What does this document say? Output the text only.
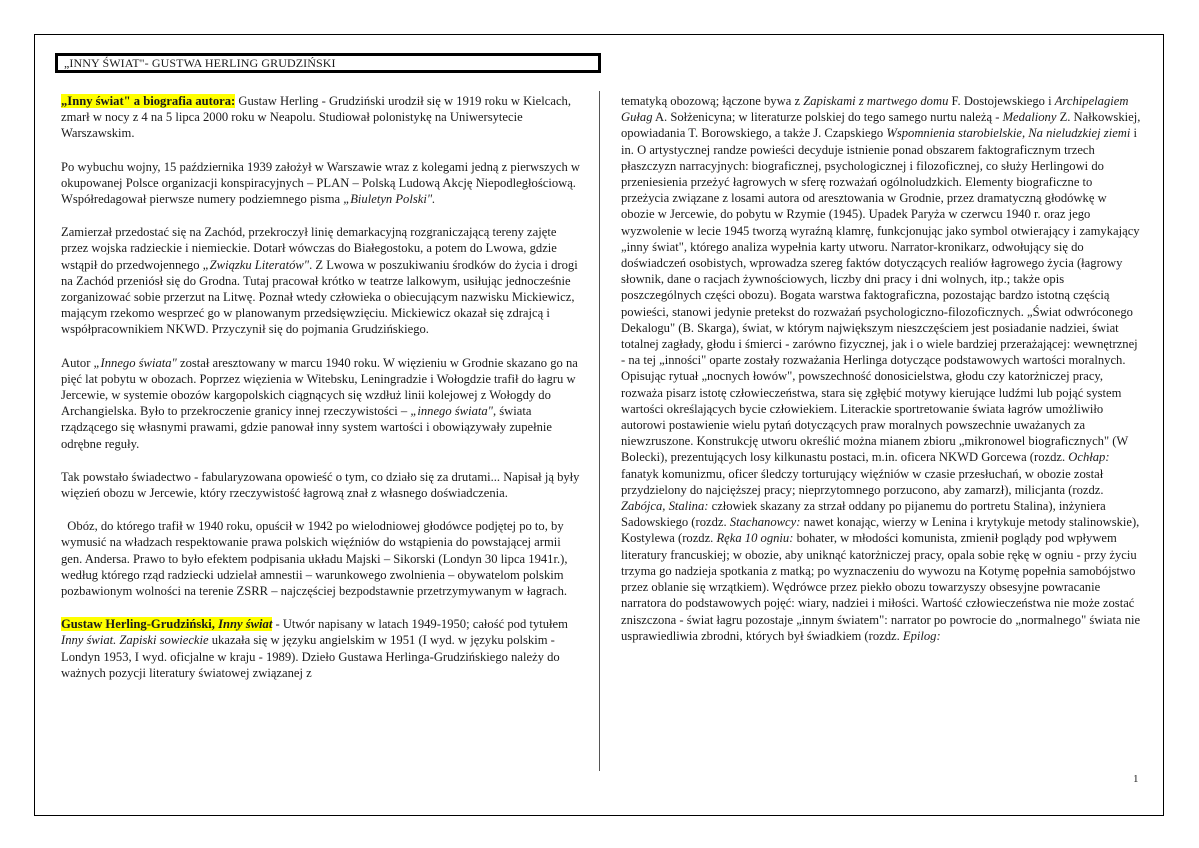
„INNY ŚWIAT"- GUSTWA HERLING GRUDZIŃSKI

„Inny świat" a biografia autora: Gustaw Herling - Grudziński urodził się w 1919 roku w Kielcach, zmarł w nocy z 4 na 5 lipca 2000 roku w Neapolu. Studiował polonistykę na Uniwersytecie Warszawskim.

Po wybuchu wojny, 15 października 1939 założył w Warszawie wraz z kolegami jedną z pierwszych w okupowanej Polsce organizacji konspiracyjnych – PLAN – Polską Ludową Akcję Niepodległościową. Współredagował pierwsze numery podziemnego pisma „Biuletyn Polski".

Zamierzał przedostać się na Zachód, przekroczył linię demarkacyjną rozgraniczającą tereny zajęte przez wojska radzieckie i niemieckie. Dotarł wówczas do Białegostoku, a potem do Lwowa, gdzie wstąpił do przedwojennego „Związku Literatów". Z Lwowa w poszukiwaniu środków do życia i drogi na Zachód przeniósł się do Grodna. Tutaj pracował krótko w teatrze lalkowym, usiłując jednocześnie zorganizować sobie przerzut na Litwę. Poznał wtedy człowieka o obiecującym nazwisku Mickiewicz, mającym rzekomo wesprzeć go w planowanym przedsięwzięciu. Mickiewicz okazał się zdrajcą i współpracownikiem NKWD. Przyczynił się do pojmania Grudzińskiego.

Autor „Innego świata" został aresztowany w marcu 1940 roku. W więzieniu w Grodnie skazano go na pięć lat pobytu w obozach. Poprzez więzienia w Witebsku, Leningradzie i Wołogdzie trafił do łagru w Jercewie, w systemie obozów kargopolskich ciągnących się wzdłuż linii kolejowej z Wołogdy do Archangielska. Było to przekroczenie granicy innej rzeczywistości – „innego świata", świata rządzącego się własnymi prawami, gdzie panował inny system wartości i obowiązywały zupełnie odrębne reguły.

Tak powstało świadectwo - fabularyzowana opowieść o tym, co działo się za drutami... Napisał ją były więzień obozu w Jercewie, który rzeczywistość łagrową znał z własnego doświadczenia.

Obóz, do którego trafił w 1940 roku, opuścił w 1942 po wielodniowej głodówce podjętej po to, by wymusić na władzach respektowanie prawa polskich więźniów do wstąpienia do powstającej armii gen. Andersa. Prawo to było efektem podpisania układu Majski – Sikorski (Londyn 30 lipca 1941r.), według którego rząd radziecki udzielał amnestii – warunkowego zwolnienia – obywatelom polskim pozbawionym wolności na terenie ZSRR – najczęściej bezpodstawnie przetrzymywanym w łagrach.

Gustaw Herling-Grudziński, Inny świat - Utwór napisany w latach 1949-1950; całość pod tytułem Inny świat. Zapiski sowieckie ukazała się w języku angielskim w 1951 (I wyd. w języku polskim - Londyn 1953, I wyd. oficjalne w kraju - 1989). Dzieło Gustawa Herlinga-Grudzińskiego należy do ważnych pozycji literatury światowej związanej z

tematyką obozową; łączone bywa z Zapiskami z martwego domu F. Dostojewskiego i Archipelagiem Gułag A. Sołżenicyna; w literaturze polskiej do tego samego nurtu należą - Medaliony Z. Nałkowskiej, opowiadania T. Borowskiego, a także J. Czapskiego Wspomnienia starobielskie, Na nieludzkiej ziemi i in. O artystycznej randze powieści decyduje istnienie ponad obszarem faktograficznym trzech płaszczyzn narracyjnych: biograficznej, psychologicznej i filozoficznej, co służy Herlingowi do przeniesienia przeżyć łagrowych w sferę rozważań ogólnoludzkich. Elementy biograficzne to przeżycia związane z losami autora od aresztowania w Grodnie, przez dramatyczną głodówkę w obozie w Jercewie, do pobytu w Rzymie (1945). Upadek Paryża w czerwcu 1940 r. oraz jego wyzwolenie w lecie 1945 tworzą wyraźną klamrę, funkcjonując jako symbol otwierający i zamykający „inny świat", którego analiza wypełnia karty utworu. Narrator-kronikarz, odwołujący się do doświadczeń osobistych, wprowadza szereg faktów dotyczących realiów łagrowego życia (łagrowy słownik, dane o racjach żywnościowych, liczby dni pracy i dni wolnych, itp.; także opis poszczególnych części obozu). Bogata warstwa faktograficzna, pozostając bardzo istotną częścią powieści, stanowi jedynie pretekst do rozważań psychologiczno-filozoficznych. „Świat odwróconego Dekalogu" (B. Skarga), świat, w którym największym nieszczęściem jest posiadanie nadziei, świat totalnej zagłady, głodu i śmierci - zarówno fizycznej, jak i o wiele bardziej przerażającej: wewnętrznej - na tej „inności" oparte zostały rozważania Herlinga dotyczące podstawowych wartości moralnych. Opisując rytuał „nocnych łowów", powszechność donosicielstwa, głodu czy katorżniczej pracy, rozważa pisarz istotę człowieczeństwa, stara się zgłębić motywy kierujące ludźmi lub pojąć system wartości określających bycie człowiekiem. Literackie sportretowanie świata łagrów umożliwiło autorowi postawienie wielu pytań dotyczących praw moralnych powszechnie uważanych za niewzruszone. Konstrukcję utworu określić można mianem zbioru „mikronowel biograficznych" (W Bolecki), prezentujących losy kilkunastu postaci, m.in. oficera NKWD Gorcewa (rozdz. Ochłap: fanatyk komunizmu, oficer śledczy torturujący więźniów w czasie przesłuchań, w obozie został przydzielony do najcięższej pracy; nieprzytomnego porzucono, aby zamarzł), milicjanta (rozdz. Zabójca, Stalina: człowiek skazany za strzał oddany po pijanemu do portretu Stalina), inżyniera Sadowskiego (rozdz. Stachanowcy: nawet konając, wierzy w Lenina i krytykuje metody stalinowskie), Kostylewa (rozdz. Ręka 10 ogniu: bohater, w młodości komunista, zmienił poglądy pod wpływem literatury francuskiej; w obozie, aby uniknąć katorżniczej pracy, opala sobie rękę w ogniu - przy życiu trzyma go nadzieja spotkania z matką; po wyznaczeniu do wywozu na Kotymę popełnia samobójstwo przez oblanie się wrzątkiem). Wędrówce przez piekło obozu towarzyszy obsesyjne powracanie narratora do podstawowych pojęć: wiary, nadziei i miłości. Wartość człowieczeństwa nie może zostać zniszczona - świat łagru pozostaje „innym światem": narrator po powrocie do „normalnego" świata nie usprawiedliwia zbrodni, których był świadkiem (rozdz. Epilog:

1
